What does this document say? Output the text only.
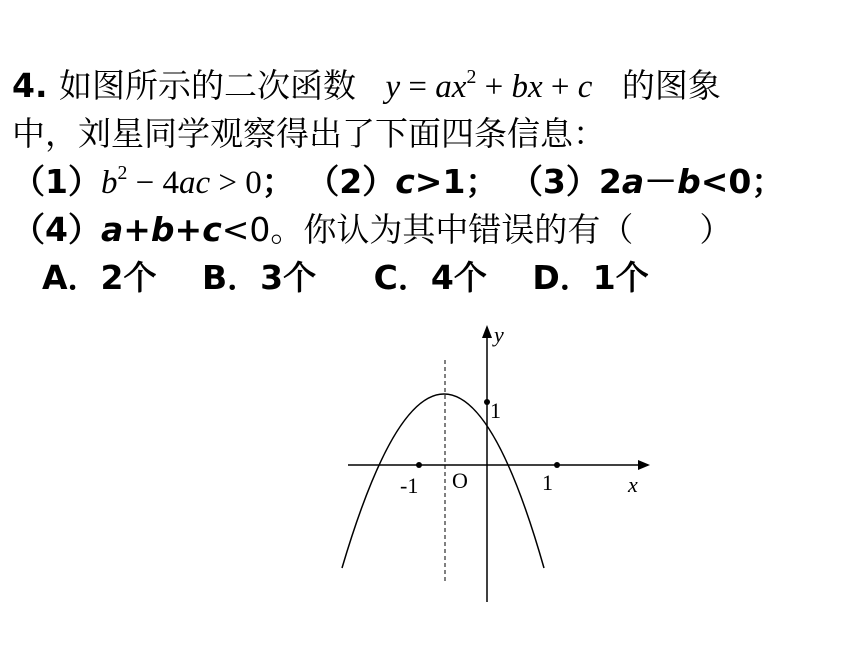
4. 如图所示的二次函数 $y = ax^2$ + bx + c 的图象
中，刘星同学观察得出了下面四条信息：
$(1)b^2 - 4ac > 0$； （2）c>1； （3）2a－b<0；
（4）a+b+c<0。你认为其中错误的有（　　）
A．2个 B．3个 C．4个 D．1个
y
1
-1 O	1	x
